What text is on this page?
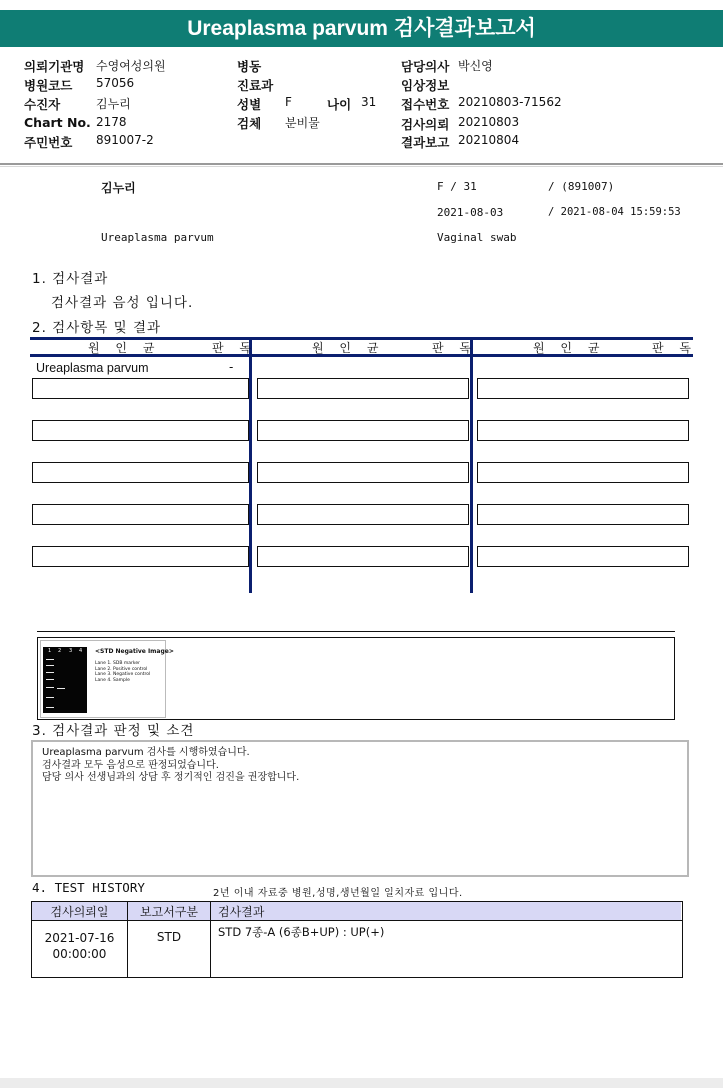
Ureaplasma parvum 검사결과보고서
의뢰기관명 수영여성의원
병원코드 57056
수진자	김누리
Chart No. 2178
주민번호 891007-2
병동
진료과
성별 F	나이 31
검체 분비물
담당의사 박신영
임상정보
접수번호 20210803-71562
검사의뢰 20210803
결과보고 20210804
김누리	F / 31	/ (891007)
2021-08-03	/ 2021-08-04 15:59:53
Ureaplasma parvum	Vaginal swab
1. 검사결과
검사결과 음성 입니다.
2. 검사항목 및 결과
원 인 균	판 독	원 인 균	판 독	원 인 균	판 독
Ureaplasma parvum	-
1 2 3 4 <STD Negative Image>
Lane 1. SDB marker
Lane 2. Positive control
Lane 3. Negative control
Lane 4. Sample
3. 검사결과 판정 및 소견
Ureaplasma parvum 검사를 시행하였습니다.
검사결과 모두 음성으로 판정되었습니다.
담당 의사 선생님과의 상담 후 정기적인 검진을 권장합니다.
4. TEST HISTORY	2년 이내 자료중 병원,성명,생년월일 일치자료 입니다.
검사의뢰일	보고서구분	검사결과
2021-07-16
00:00:00
STD	STD 7종-A (6종B+UP) : UP(+)
